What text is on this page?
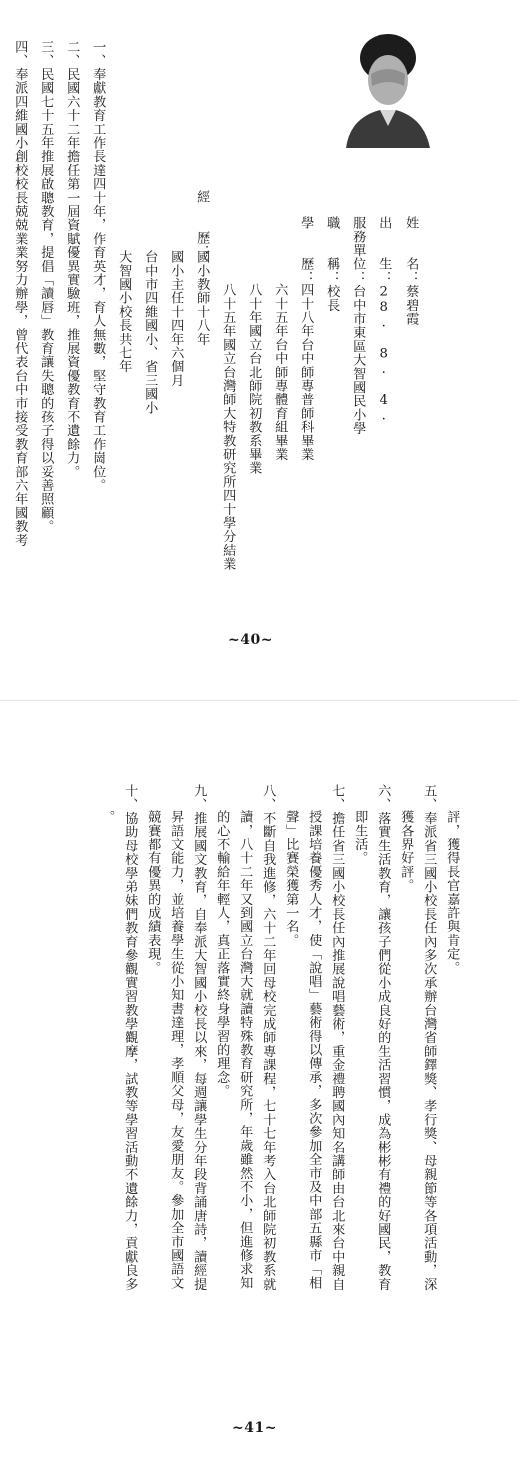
姓　　名：蔡碧霞
出　　生：28. 8. 4.
服務單位：台中市東區大智國民小學
職　　稱：校長
學　　歷：
四十八年台中師專普師科畢業
六十五年台中師專體育組畢業
八十年國立台北師院初教系畢業
八十五年國立台灣師大特教研究所四十學分結業
經　　歷：
國小教師十八年
國小主任十四年六個月
台中市四維國小、省三國小
大智國小校長共七年
一、奉獻教育工作長達四十年，作育英才，育人無數，堅守教育工作崗位。
二、民國六十二年擔任第一屆資賦優異實驗班，推展資優教育不遺餘力。
三、民國七十五年推展啟聰教育，提倡「讀唇」教育讓失聰的孩子得以妥善照顧。
四、奉派四維國小創校校長兢兢業業努力辦學，曾代表台中市接受教育部六年國教考
~40~
評，獲得長官嘉許與肯定。
五、奉派省三國小校長任內多次承辦台灣省師鐸獎、孝行獎、母親節等各項活動，深
獲各界好評。
六、落實生活教育，讓孩子們從小成良好的生活習慣，成為彬彬有禮的好國民，教育
即生活。
七、擔任省三國小校長任內推展說唱藝術，重金禮聘國內知名講師由台北來台中親自
授課培養優秀人才，使「說唱」藝術得以傳承，多次參加全市及中部五縣市「相
聲」比賽榮獲第一名。
八、不斷自我進修，六十二年回母校完成師專課程，七十七年考入台北師院初教系就
讀，八十二年又到國立台灣大就讀特殊教育研究所，年歲雖然不小，但進修求知
的心不輸給年輕人，真正落實終身學習的理念。
九、推展國文教育，自奉派大智國小校長以來，每週讓學生分年段背誦唐詩，讀經提
昇語文能力，並培養學生從小知書達理，孝順父母，友愛朋友。參加全市國語文
競賽都有優異的成績表現。
十、協助母校學弟妹們教育參觀實習教學觀摩，試教等學習活動不遺餘力，貢獻良多
。
~41~
